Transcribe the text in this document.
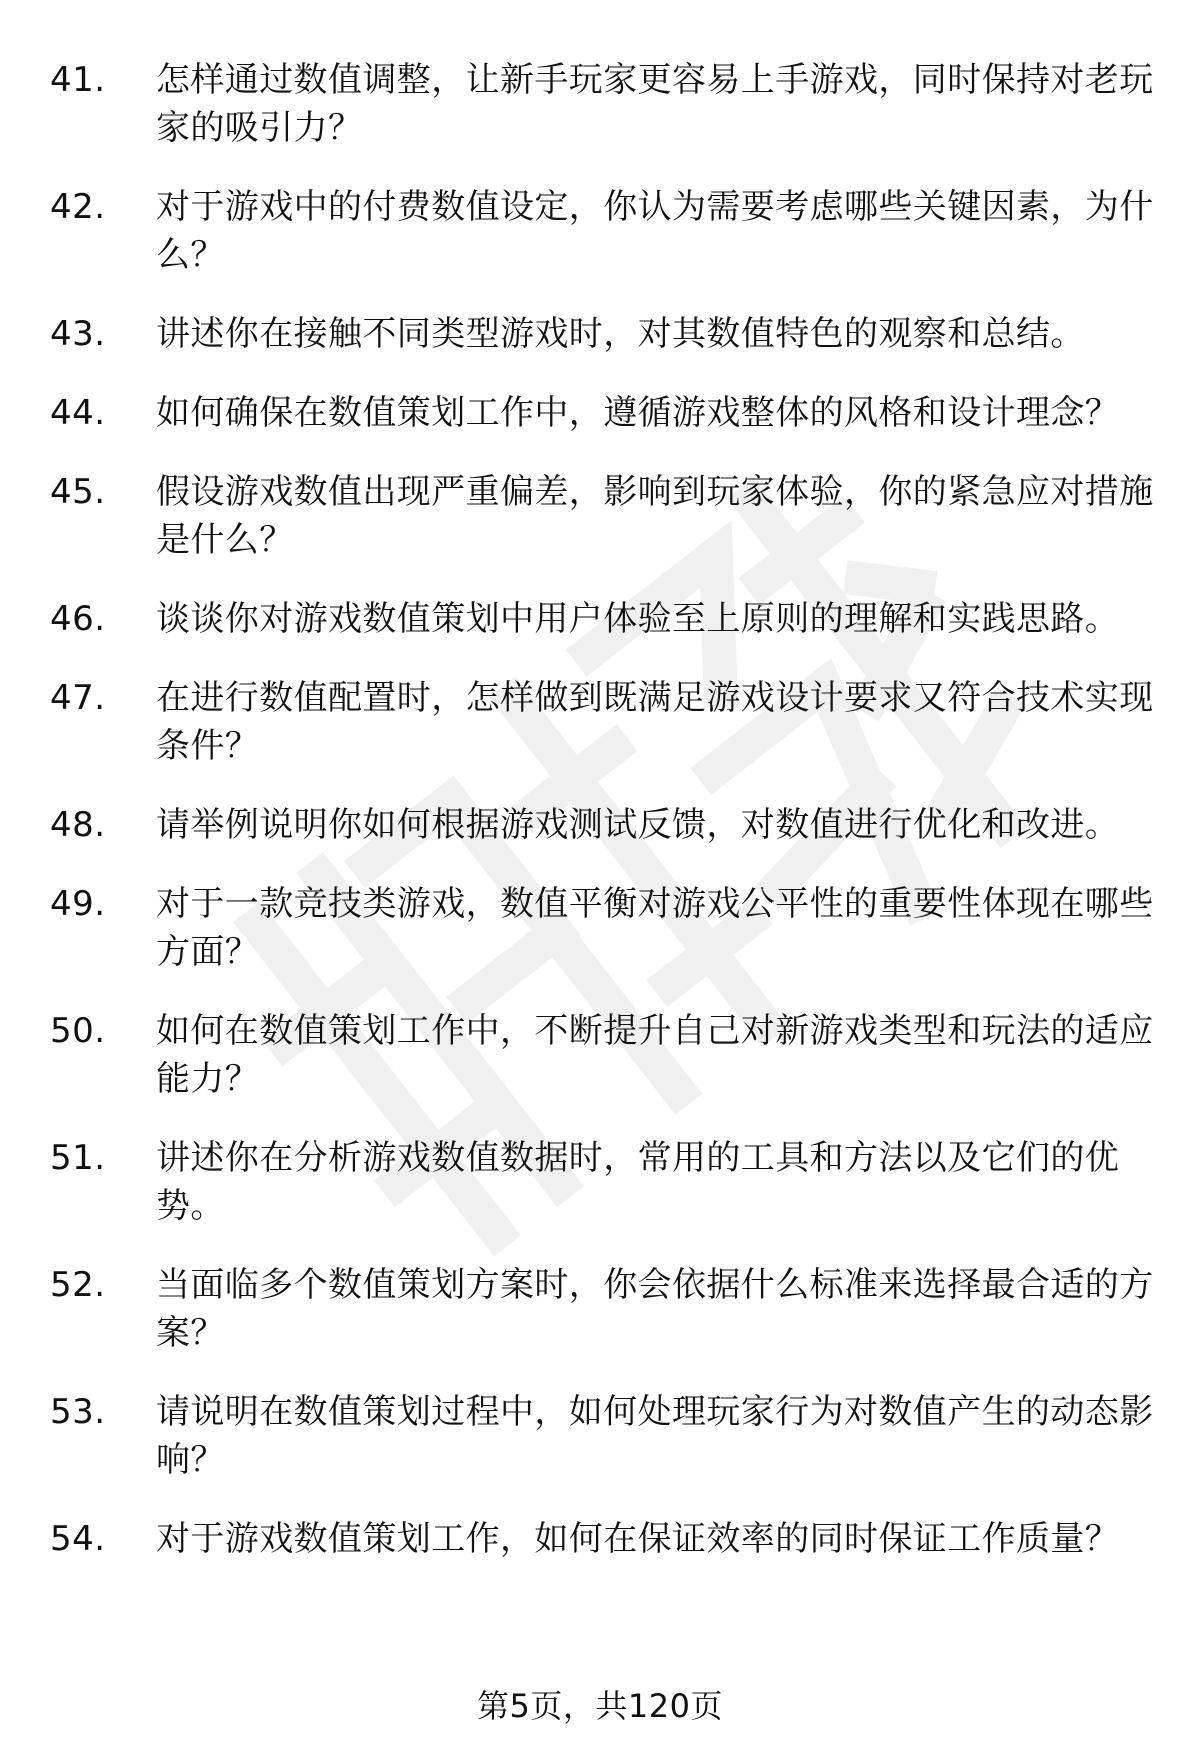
41.	怎样通过数值调整，让新手玩家更容易上手游戏，同时保持对老玩家的吸引力？
42.	对于游戏中的付费数值设定，你认为需要考虑哪些关键因素，为什么？
43.	讲述你在接触不同类型游戏时，对其数值特色的观察和总结。
44.	如何确保在数值策划工作中，遵循游戏整体的风格和设计理念？
45.	假设游戏数值出现严重偏差，影响到玩家体验，你的紧急应对措施是什么？
46.	谈谈你对游戏数值策划中用户体验至上原则的理解和实践思路。
47.	在进行数值配置时，怎样做到既满足游戏设计要求又符合技术实现条件？
48.	请举例说明你如何根据游戏测试反馈，对数值进行优化和改进。
49.	对于一款竞技类游戏，数值平衡对游戏公平性的重要性体现在哪些方面？
50.	如何在数值策划工作中，不断提升自己对新游戏类型和玩法的适应能力？
51.	讲述你在分析游戏数值数据时，常用的工具和方法以及它们的优势。
52.	当面临多个数值策划方案时，你会依据什么标准来选择最合适的方案？
53.	请说明在数值策划过程中，如何处理玩家行为对数值产生的动态影响？
54.	对于游戏数值策划工作，如何在保证效率的同时保证工作质量？
第5页，共120页
